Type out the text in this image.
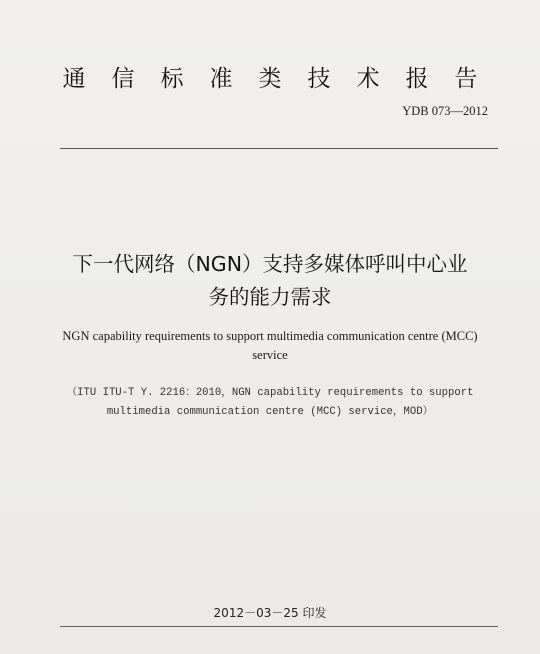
通信标准类技术报告
YDB 073—2012
下一代网络（NGN）支持多媒体呼叫中心业
务的能力需求
NGN capability requirements to support multimedia communication centre (MCC)
service
（ITU ITU-T Y. 2216：2010，NGN capability requirements to support
multimedia communication centre (MCC) service，MOD）
2012－03－25 印发
